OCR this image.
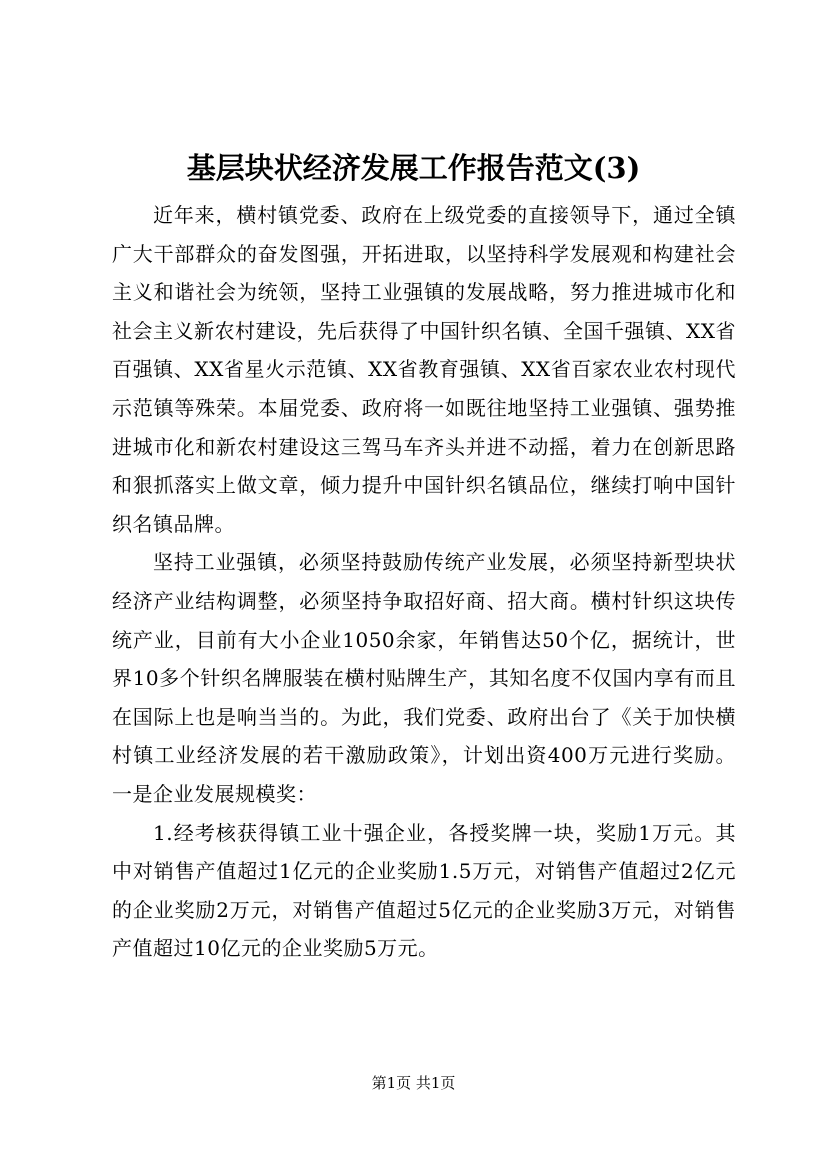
基层块状经济发展工作报告范文(3)

近年来，横村镇党委、政府在上级党委的直接领导下，通过全镇广大干部群众的奋发图强，开拓进取，以坚持科学发展观和构建社会主义和谐社会为统领，坚持工业强镇的发展战略，努力推进城市化和社会主义新农村建设，先后获得了中国针织名镇、全国千强镇、XX省百强镇、XX省星火示范镇、XX省教育强镇、XX省百家农业农村现代示范镇等殊荣。本届党委、政府将一如既往地坚持工业强镇、强势推进城市化和新农村建设这三驾马车齐头并进不动摇，着力在创新思路和狠抓落实上做文章，倾力提升中国针织名镇品位，继续打响中国针织名镇品牌。

坚持工业强镇，必须坚持鼓励传统产业发展，必须坚持新型块状经济产业结构调整，必须坚持争取招好商、招大商。横村针织这块传统产业，目前有大小企业1050余家，年销售达50个亿，据统计，世界10多个针织名牌服装在横村贴牌生产，其知名度不仅国内享有而且在国际上也是响当当的。为此，我们党委、政府出台了《关于加快横村镇工业经济发展的若干激励政策》，计划出资400万元进行奖励。一是企业发展规模奖：

1.经考核获得镇工业十强企业，各授奖牌一块，奖励1万元。其中对销售产值超过1亿元的企业奖励1.5万元，对销售产值超过2亿元的企业奖励2万元，对销售产值超过5亿元的企业奖励3万元，对销售产值超过10亿元的企业奖励5万元。

第1页 共1页
